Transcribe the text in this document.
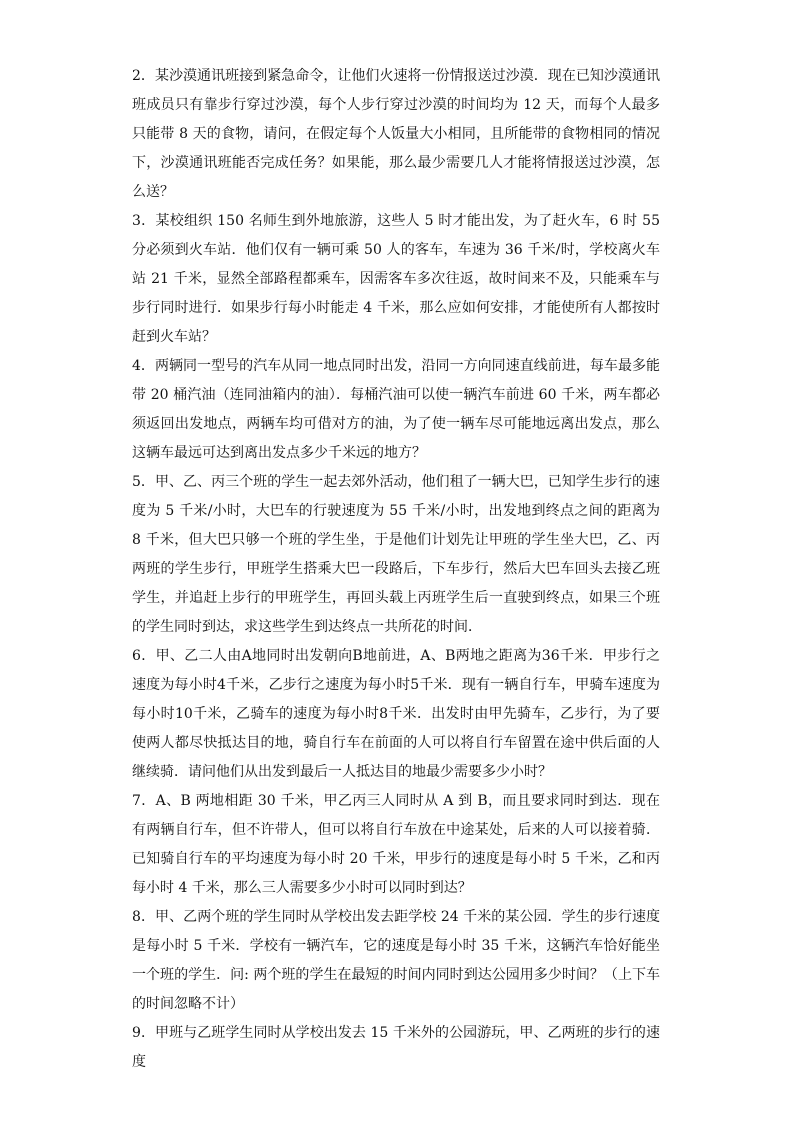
2．某沙漠通讯班接到紧急命令，让他们火速将一份情报送过沙漠．现在已知沙漠通讯班成员只有靠步行穿过沙漠，每个人步行穿过沙漠的时间均为 12 天，而每个人最多只能带 8 天的食物，请问，在假定每个人饭量大小相同，且所能带的食物相同的情况下，沙漠通讯班能否完成任务？如果能，那么最少需要几人才能将情报送过沙漠，怎么送？

3．某校组织 150 名师生到外地旅游，这些人 5 时才能出发，为了赶火车，6 时 55 分必须到火车站．他们仅有一辆可乘 50 人的客车，车速为 36 千米/时，学校离火车站 21 千米，显然全部路程都乘车，因需客车多次往返，故时间来不及，只能乘车与步行同时进行．如果步行每小时能走 4 千米，那么应如何安排，才能使所有人都按时赶到火车站？

4．两辆同一型号的汽车从同一地点同时出发，沿同一方向同速直线前进，每车最多能带 20 桶汽油（连同油箱内的油）．每桶汽油可以使一辆汽车前进 60 千米，两车都必须返回出发地点，两辆车均可借对方的油，为了使一辆车尽可能地远离出发点，那么这辆车最远可达到离出发点多少千米远的地方？

5．甲、乙、丙三个班的学生一起去郊外活动，他们租了一辆大巴，已知学生步行的速度为 5 千米/小时，大巴车的行驶速度为 55 千米/小时，出发地到终点之间的距离为 8 千米，但大巴只够一个班的学生坐，于是他们计划先让甲班的学生坐大巴，乙、丙两班的学生步行，甲班学生搭乘大巴一段路后，下车步行，然后大巴车回头去接乙班学生，并追赶上步行的甲班学生，再回头载上丙班学生后一直驶到终点，如果三个班的学生同时到达，求这些学生到达终点一共所花的时间．

6．甲、乙二人由A地同时出发朝向B地前进，A、B两地之距离为36千米．甲步行之速度为每小时4千米，乙步行之速度为每小时5千米．现有一辆自行车，甲骑车速度为每小时10千米，乙骑车的速度为每小时8千米．出发时由甲先骑车，乙步行，为了要使两人都尽快抵达目的地，骑自行车在前面的人可以将自行车留置在途中供后面的人继续骑．请问他们从出发到最后一人抵达目的地最少需要多少小时？

7．A、B 两地相距 30 千米，甲乙丙三人同时从 A 到 B，而且要求同时到达．现在有两辆自行车，但不许带人，但可以将自行车放在中途某处，后来的人可以接着骑．已知骑自行车的平均速度为每小时 20 千米，甲步行的速度是每小时 5 千米，乙和丙每小时 4 千米，那么三人需要多少小时可以同时到达？

8．甲、乙两个班的学生同时从学校出发去距学校 24 千米的某公园．学生的步行速度是每小时 5 千米．学校有一辆汽车，它的速度是每小时 35 千米，这辆汽车恰好能坐一个班的学生．问: 两个班的学生在最短的时间内同时到达公园用多少时间？（上下车的时间忽略不计）

9．甲班与乙班学生同时从学校出发去 15 千米外的公园游玩，甲、乙两班的步行的速度
